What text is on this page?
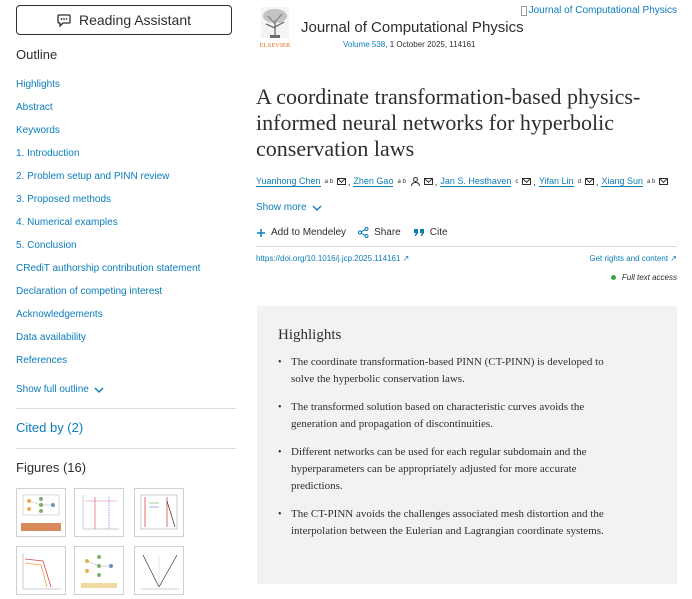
Reading Assistant
Outline
Highlights
Abstract
Keywords
1. Introduction
2. Problem setup and PINN review
3. Proposed methods
4. Numerical examples
5. Conclusion
CRediT authorship contribution statement
Declaration of competing interest
Acknowledgements
Data availability
References
Show full outline
Cited by (2)
Figures (16)
ELSEVIER
Journal of Computational Physics
Volume 538, 1 October 2025, 114161
Journal of Computational Physics
A coordinate transformation-based physics-informed neural networks for hyperbolic conservation laws
Yuanhong Chen a b , Zhen Gao a b	, Jan S. Hesthaven c , Yifan Lin d , Xiang Sun a b
Show more
Add to Mendeley	Share	Cite
https://doi.org/10.1016/j.jcp.2025.114161 ↗	Get rights and content ↗
Full text access
Highlights
• The coordinate transformation-based PINN (CT-PINN) is developed to solve the hyperbolic conservation laws.
• The transformed solution based on characteristic curves avoids the generation and propagation of discontinuities.
• Different networks can be used for each regular subdomain and the hyperparameters can be appropriately adjusted for more accurate predictions.
• The CT-PINN avoids the challenges associated mesh distortion and the interpolation between the Eulerian and Lagrangian coordinate systems.
